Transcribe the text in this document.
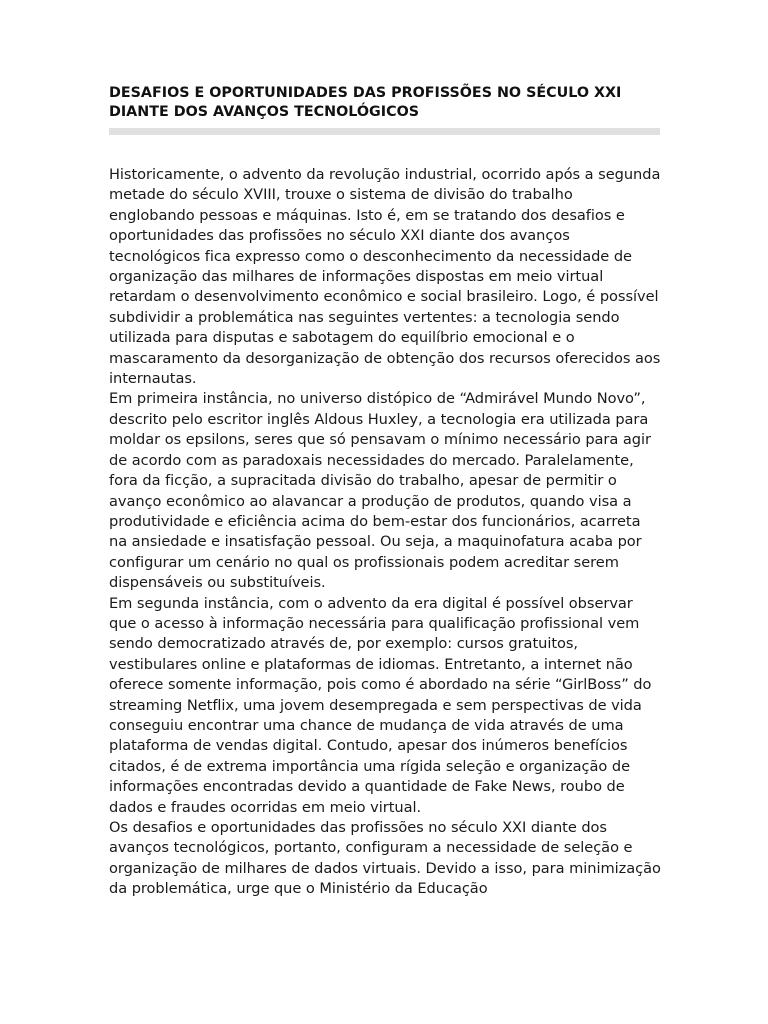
DESAFIOS E OPORTUNIDADES DAS PROFISSÕES NO SÉCULO XXI DIANTE DOS AVANÇOS TECNOLÓGICOS

Historicamente, o advento da revolução industrial, ocorrido após a segunda metade do século XVIII, trouxe o sistema de divisão do trabalho englobando pessoas e máquinas. Isto é, em se tratando dos desafios e oportunidades das profissões no século XXI diante dos avanços tecnológicos fica expresso como o desconhecimento da necessidade de organização das milhares de informações dispostas em meio virtual retardam o desenvolvimento econômico e social brasileiro. Logo, é possível subdividir a problemática nas seguintes vertentes: a tecnologia sendo utilizada para disputas e sabotagem do equilíbrio emocional e o mascaramento da desorganização de obtenção dos recursos oferecidos aos internautas.

Em primeira instância, no universo distópico de “Admirável Mundo Novo”, descrito pelo escritor inglês Aldous Huxley, a tecnologia era utilizada para moldar os epsilons, seres que só pensavam o mínimo necessário para agir de acordo com as paradoxais necessidades do mercado. Paralelamente, fora da ficção, a supracitada divisão do trabalho, apesar de permitir o avanço econômico ao alavancar a produção de produtos, quando visa a produtividade e eficiência acima do bem-estar dos funcionários, acarreta na ansiedade e insatisfação pessoal. Ou seja, a maquinofatura acaba por configurar um cenário no qual os profissionais podem acreditar serem dispensáveis ou substituíveis.

Em segunda instância, com o advento da era digital é possível observar que o acesso à informação necessária para qualificação profissional vem sendo democratizado através de, por exemplo: cursos gratuitos, vestibulares online e plataformas de idiomas. Entretanto, a internet não oferece somente informação, pois como é abordado na série “GirlBoss” do streaming Netflix, uma jovem desempregada e sem perspectivas de vida conseguiu encontrar uma chance de mudança de vida através de uma plataforma de vendas digital. Contudo, apesar dos inúmeros benefícios citados, é de extrema importância uma rígida seleção e organização de informações encontradas devido a quantidade de Fake News, roubo de dados e fraudes ocorridas em meio virtual.

Os desafios e oportunidades das profissões no século XXI diante dos avanços tecnológicos, portanto, configuram a necessidade de seleção e organização de milhares de dados virtuais. Devido a isso, para minimização da problemática, urge que o Ministério da Educação
